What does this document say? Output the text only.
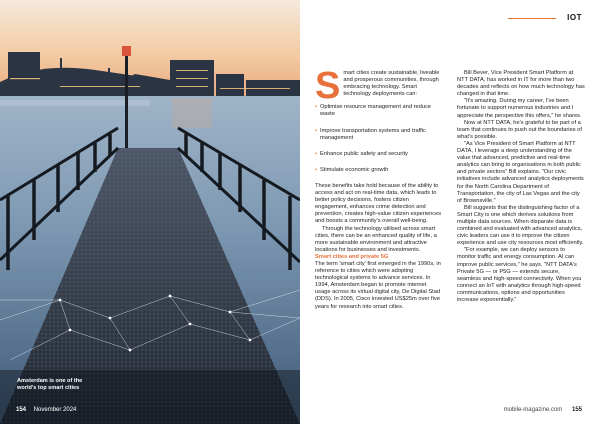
Amsterdam is one of the world's top smart cities
154 November 2024
IOT

Smart cities create sustainable, liveable and prosperous communities, through embracing technology. Smart technology deployments can:

• Optimise resource management and reduce waste
• Improve transportation systems and traffic management
• Enhance public safety and security
• Stimulate economic growth

These benefits take hold because of the ability to access and act on real-time data, which leads to better policy decisions, fosters citizen engagement, enhances crime detection and prevention, creates high-value citizen experiences and boosts a community's overall well-being.

Through the technology utilised across smart cities, there can be an enhanced quality of life, a more sustainable environment and attractive locations for businesses and investments.

Smart cities and private 5G

The term 'smart city' first emerged in the 1990s, in reference to cities which were adopting technological systems to advance services. In 1994, Amsterdam began to promote internet usage across its virtual digital city, De Digital Stad (DDS). In 2005, Cisco invested US$25m over five years for research into smart cities.

Bill Bever, Vice President Smart Platform at NTT DATA, has worked in IT for more than two decades and reflects on how much technology has changed in that time.

"It's amazing. During my career, I've been fortunate to support numerous industries and I appreciate the perspective this offers," he shares.

Now at NTT DATA, he's grateful to be part of a team that continues to push out the boundaries of what's possible.

"As Vice President of Smart Platform at NTT DATA, I leverage a deep understanding of the value that advanced, predictive and real-time analytics can bring to organisations in both public and private sectors" Bill explains. "Our civic initiatives include advanced analytics deployments for the North Carolina Department of Transportation, the city of Las Vegas and the city of Brownsville."

Bill suggests that the distinguishing factor of a Smart City is one which derives solutions from multiple data sources. When disparate data is combined and evaluated with advanced analytics, civic leaders can use it to improve the citizen experience and use city resources most efficiently.

"For example, we can deploy sensors to monitor traffic and energy consumption. AI can improve public services," he says. "NTT DATA's Private 5G — or P5G — extends secure, seamless and high-speed connectivity. When you connect an IoT with analytics through high-speed communications, options and opportunities increase exponentially."

mobile-magazine.com 155
